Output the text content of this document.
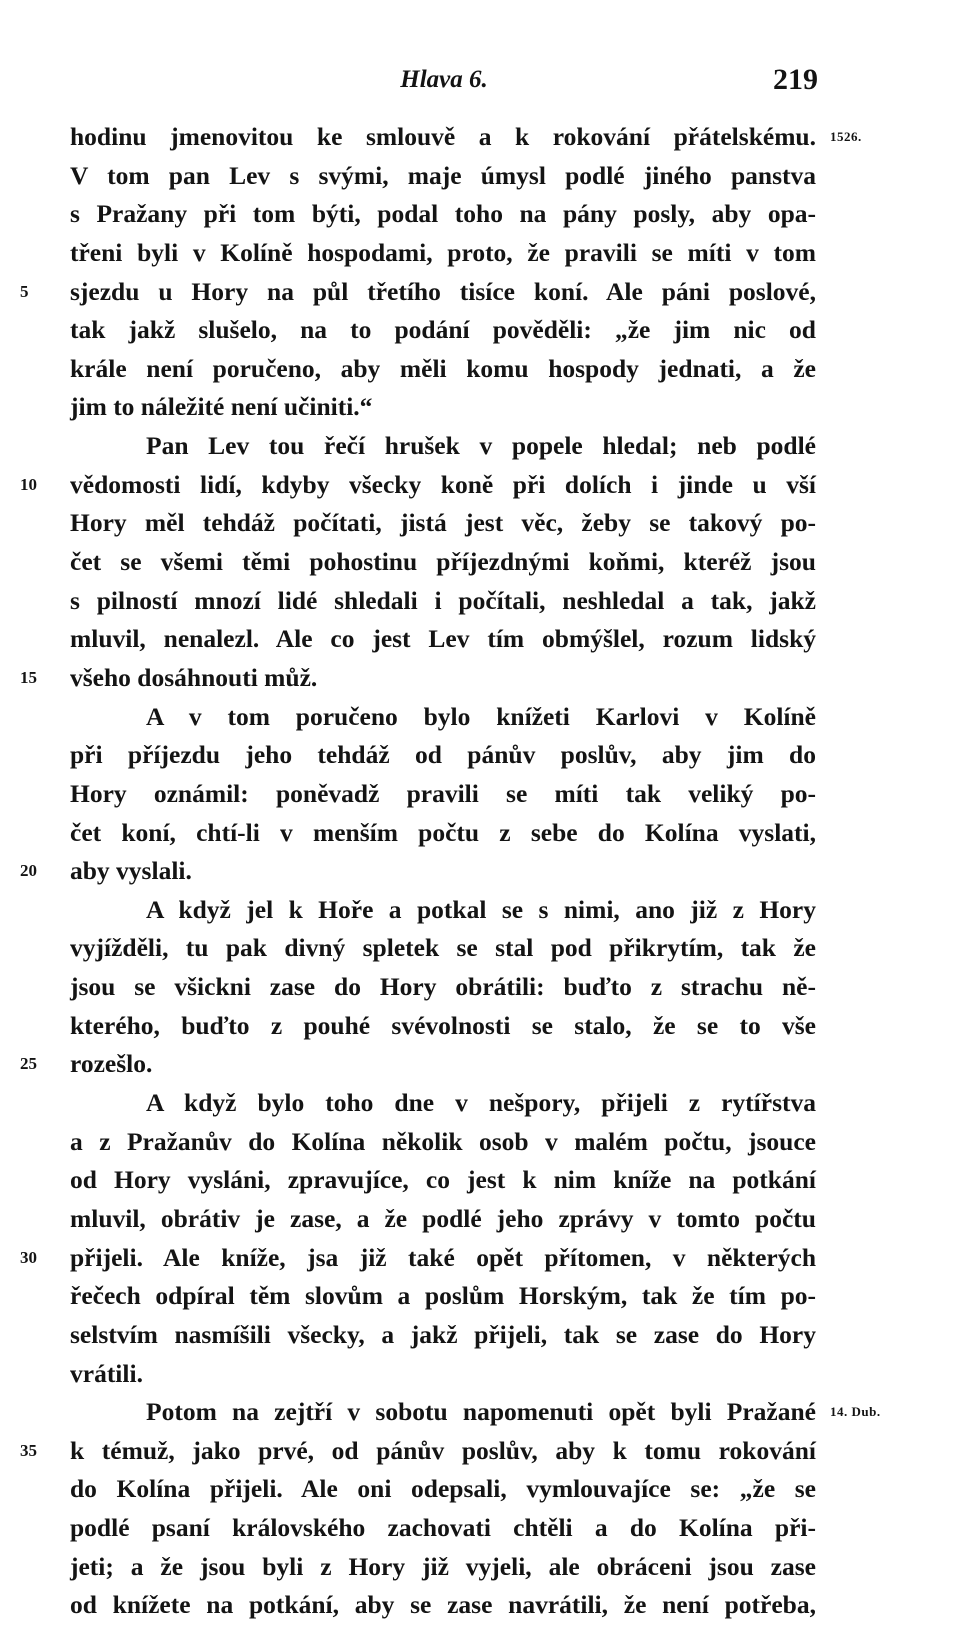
Hlava 6.	219
hodinu jmenovitou ke smlouvě a k rokování přátelskému. 1526.
V tom pan Lev s svými, maje úmysl podlé jiného panstva
s Pražany při tom býti, podal toho na pány posly, aby opa-
třeni byli v Kolíně hospodami, proto, že pravili se míti v tom
sjezdu u Hory na půl třetího tisíce koní. Ale páni poslové,
5
tak jakž slušelo, na to podání pověděli: „že jim nic od
krále není poručeno, aby měli komu hospody jednati, a že
jim to náležité není učiniti.“
Pan Lev tou řečí hrušek v popele hledal; neb podlé
vědomosti lidí, kdyby všecky koně při dolích i jinde u vší
10
Hory měl tehdáž počítati, jistá jest věc, žeby se takový po-
čet se všemi těmi pohostinu příjezdnými koňmi, kteréž jsou
s pilností mnozí lidé shledali i počítali, neshledal a tak, jakž
mluvil, nenalezl. Ale co jest Lev tím obmýšlel, rozum lidský
všeho dosáhnouti můž.
15
A v tom poručeno bylo knížeti Karlovi v Kolíně
při příjezdu jeho tehdáž od pánův poslův, aby jim do
Hory oznámil: poněvadž pravili se míti tak veliký po-
čet koní, chtí-li v menším počtu z sebe do Kolína vyslati,
aby vyslali.
20
A když jel k Hoře a potkal se s nimi, ano již z Hory
vyjížděli, tu pak divný spletek se stal pod přikrytím, tak že
jsou se všickni zase do Hory obrátili: buďto z strachu ně-
kterého, buďto z pouhé svévolnosti se stalo, že se to vše
rozešlo.
25
A když bylo toho dne v nešpory, přijeli z rytířstva
a z Pražanův do Kolína několik osob v malém počtu, jsouce
od Hory vysláni, zpravujíce, co jest k nim kníže na potkání
mluvil, obrátiv je zase, a že podlé jeho zprávy v tomto počtu
přijeli. Ale kníže, jsa již také opět přítomen, v některých
30
řečech odpíral těm slovům a poslům Horským, tak že tím po-
selstvím nasmíšili všecky, a jakž přijeli, tak se zase do Hory
vrátili.
Potom na zejtří v sobotu napomenuti opět byli Pražané 14. Dub.
k témuž, jako prvé, od pánův poslův, aby k tomu rokování
35
do Kolína přijeli. Ale oni odepsali, vymlouvajíce se: „že se
podlé psaní královského zachovati chtěli a do Kolína při-
jeti; a že jsou byli z Hory již vyjeli, ale obráceni jsou zase
od knížete na potkání, aby se zase navrátili, že není potřeba,
